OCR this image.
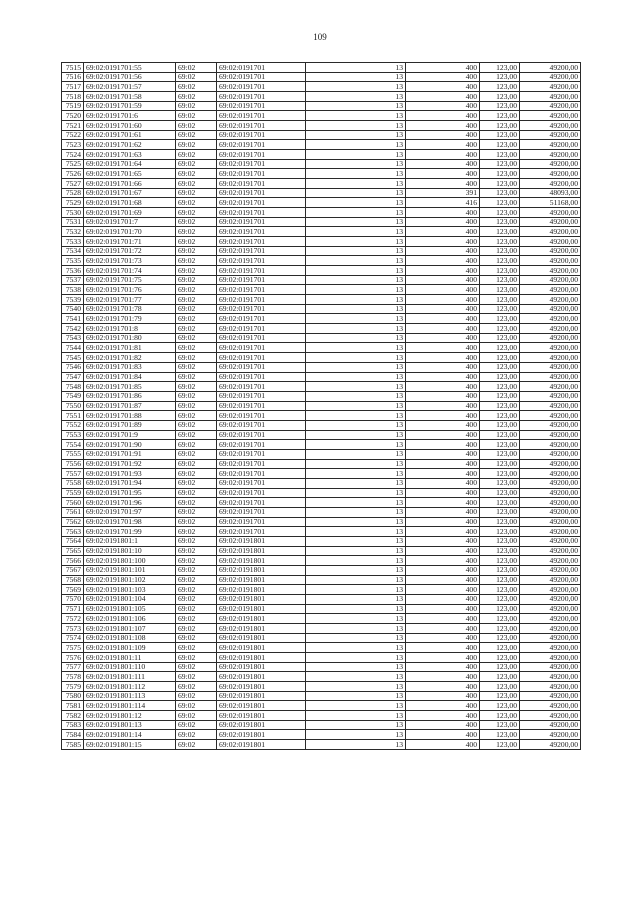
109
7515	69:02:0191701:55	69:02	69:02:0191701	13	400	123,00	49200,00
7516	69:02:0191701:56	69:02	69:02:0191701	13	400	123,00	49200,00
7517	69:02:0191701:57	69:02	69:02:0191701	13	400	123,00	49200,00
7518	69:02:0191701:58	69:02	69:02:0191701	13	400	123,00	49200,00
7519	69:02:0191701:59	69:02	69:02:0191701	13	400	123,00	49200,00
7520	69:02:0191701:6	69:02	69:02:0191701	13	400	123,00	49200,00
7521	69:02:0191701:60	69:02	69:02:0191701	13	400	123,00	49200,00
7522	69:02:0191701:61	69:02	69:02:0191701	13	400	123,00	49200,00
7523	69:02:0191701:62	69:02	69:02:0191701	13	400	123,00	49200,00
7524	69:02:0191701:63	69:02	69:02:0191701	13	400	123,00	49200,00
7525	69:02:0191701:64	69:02	69:02:0191701	13	400	123,00	49200,00
7526	69:02:0191701:65	69:02	69:02:0191701	13	400	123,00	49200,00
7527	69:02:0191701:66	69:02	69:02:0191701	13	400	123,00	49200,00
7528	69:02:0191701:67	69:02	69:02:0191701	13	391	123,00	48093,00
7529	69:02:0191701:68	69:02	69:02:0191701	13	416	123,00	51168,00
7530	69:02:0191701:69	69:02	69:02:0191701	13	400	123,00	49200,00
7531	69:02:0191701:7	69:02	69:02:0191701	13	400	123,00	49200,00
7532	69:02:0191701:70	69:02	69:02:0191701	13	400	123,00	49200,00
7533	69:02:0191701:71	69:02	69:02:0191701	13	400	123,00	49200,00
7534	69:02:0191701:72	69:02	69:02:0191701	13	400	123,00	49200,00
7535	69:02:0191701:73	69:02	69:02:0191701	13	400	123,00	49200,00
7536	69:02:0191701:74	69:02	69:02:0191701	13	400	123,00	49200,00
7537	69:02:0191701:75	69:02	69:02:0191701	13	400	123,00	49200,00
7538	69:02:0191701:76	69:02	69:02:0191701	13	400	123,00	49200,00
7539	69:02:0191701:77	69:02	69:02:0191701	13	400	123,00	49200,00
7540	69:02:0191701:78	69:02	69:02:0191701	13	400	123,00	49200,00
7541	69:02:0191701:79	69:02	69:02:0191701	13	400	123,00	49200,00
7542	69:02:0191701:8	69:02	69:02:0191701	13	400	123,00	49200,00
7543	69:02:0191701:80	69:02	69:02:0191701	13	400	123,00	49200,00
7544	69:02:0191701:81	69:02	69:02:0191701	13	400	123,00	49200,00
7545	69:02:0191701:82	69:02	69:02:0191701	13	400	123,00	49200,00
7546	69:02:0191701:83	69:02	69:02:0191701	13	400	123,00	49200,00
7547	69:02:0191701:84	69:02	69:02:0191701	13	400	123,00	49200,00
7548	69:02:0191701:85	69:02	69:02:0191701	13	400	123,00	49200,00
7549	69:02:0191701:86	69:02	69:02:0191701	13	400	123,00	49200,00
7550	69:02:0191701:87	69:02	69:02:0191701	13	400	123,00	49200,00
7551	69:02:0191701:88	69:02	69:02:0191701	13	400	123,00	49200,00
7552	69:02:0191701:89	69:02	69:02:0191701	13	400	123,00	49200,00
7553	69:02:0191701:9	69:02	69:02:0191701	13	400	123,00	49200,00
7554	69:02:0191701:90	69:02	69:02:0191701	13	400	123,00	49200,00
7555	69:02:0191701:91	69:02	69:02:0191701	13	400	123,00	49200,00
7556	69:02:0191701:92	69:02	69:02:0191701	13	400	123,00	49200,00
7557	69:02:0191701:93	69:02	69:02:0191701	13	400	123,00	49200,00
7558	69:02:0191701:94	69:02	69:02:0191701	13	400	123,00	49200,00
7559	69:02:0191701:95	69:02	69:02:0191701	13	400	123,00	49200,00
7560	69:02:0191701:96	69:02	69:02:0191701	13	400	123,00	49200,00
7561	69:02:0191701:97	69:02	69:02:0191701	13	400	123,00	49200,00
7562	69:02:0191701:98	69:02	69:02:0191701	13	400	123,00	49200,00
7563	69:02:0191701:99	69:02	69:02:0191701	13	400	123,00	49200,00
7564	69:02:0191801:1	69:02	69:02:0191801	13	400	123,00	49200,00
7565	69:02:0191801:10	69:02	69:02:0191801	13	400	123,00	49200,00
7566	69:02:0191801:100	69:02	69:02:0191801	13	400	123,00	49200,00
7567	69:02:0191801:101	69:02	69:02:0191801	13	400	123,00	49200,00
7568	69:02:0191801:102	69:02	69:02:0191801	13	400	123,00	49200,00
7569	69:02:0191801:103	69:02	69:02:0191801	13	400	123,00	49200,00
7570	69:02:0191801:104	69:02	69:02:0191801	13	400	123,00	49200,00
7571	69:02:0191801:105	69:02	69:02:0191801	13	400	123,00	49200,00
7572	69:02:0191801:106	69:02	69:02:0191801	13	400	123,00	49200,00
7573	69:02:0191801:107	69:02	69:02:0191801	13	400	123,00	49200,00
7574	69:02:0191801:108	69:02	69:02:0191801	13	400	123,00	49200,00
7575	69:02:0191801:109	69:02	69:02:0191801	13	400	123,00	49200,00
7576	69:02:0191801:11	69:02	69:02:0191801	13	400	123,00	49200,00
7577	69:02:0191801:110	69:02	69:02:0191801	13	400	123,00	49200,00
7578	69:02:0191801:111	69:02	69:02:0191801	13	400	123,00	49200,00
7579	69:02:0191801:112	69:02	69:02:0191801	13	400	123,00	49200,00
7580	69:02:0191801:113	69:02	69:02:0191801	13	400	123,00	49200,00
7581	69:02:0191801:114	69:02	69:02:0191801	13	400	123,00	49200,00
7582	69:02:0191801:12	69:02	69:02:0191801	13	400	123,00	49200,00
7583	69:02:0191801:13	69:02	69:02:0191801	13	400	123,00	49200,00
7584	69:02:0191801:14	69:02	69:02:0191801	13	400	123,00	49200,00
7585	69:02:0191801:15	69:02	69:02:0191801	13	400	123,00	49200,00
